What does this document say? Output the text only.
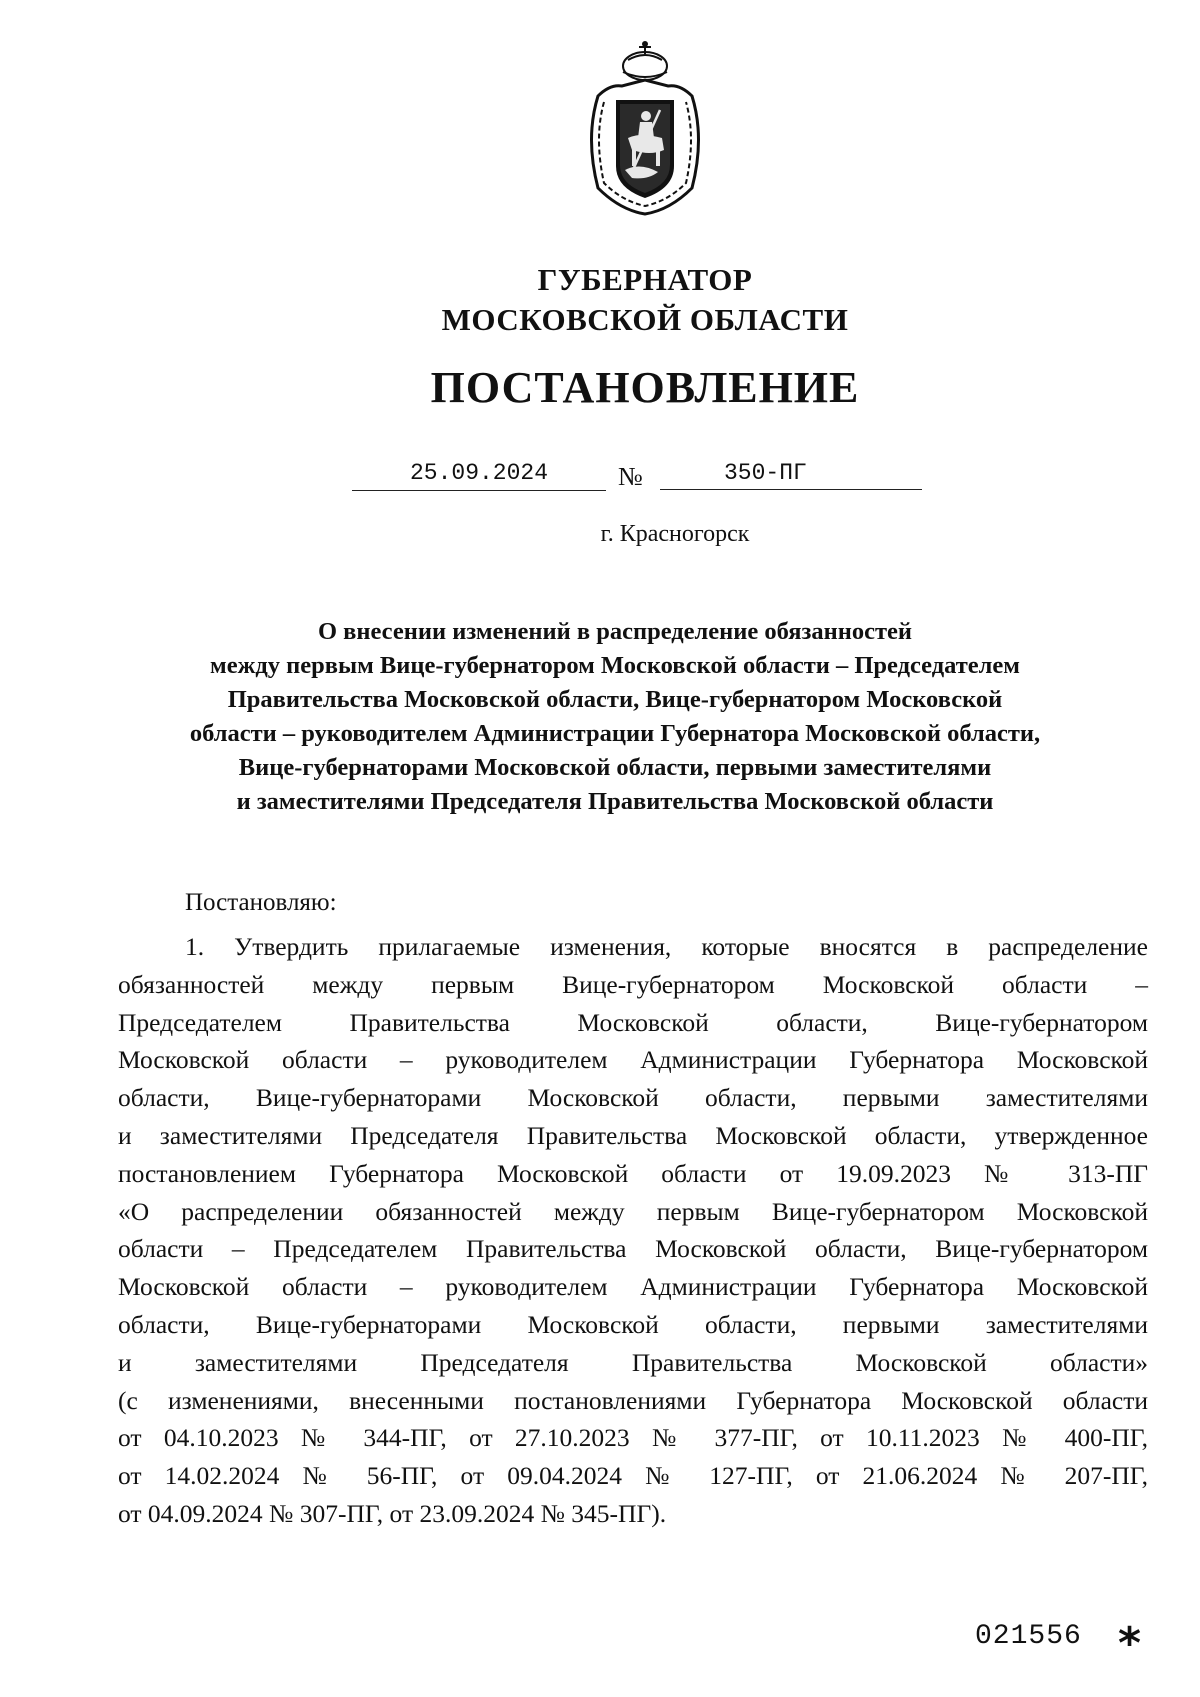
ГУБЕРНАТОР
МОСКОВСКОЙ ОБЛАСТИ
ПОСТАНОВЛЕНИЕ
25.09.2024	№	350-ПГ
г. Красногорск
О внесении изменений в распределение обязанностей
между первым Вице-губернатором Московской области – Председателем
Правительства Московской области, Вице-губернатором Московской
области – руководителем Администрации Губернатора Московской области,
Вице-губернаторами Московской области, первыми заместителями
и заместителями Председателя Правительства Московской области
Постановляю:
1. Утвердить прилагаемые изменения, которые вносятся в распределение
обязанностей между первым Вице-губернатором Московской области –
Председателем Правительства Московской области, Вице-губернатором
Московской области – руководителем Администрации Губернатора Московской
области, Вице-губернаторами Московской области, первыми заместителями
и заместителями Председателя Правительства Московской области, утвержденное
постановлением Губернатора Московской области от 19.09.2023 № 313-ПГ
«О распределении обязанностей между первым Вице-губернатором Московской
области – Председателем Правительства Московской области, Вице-губернатором
Московской области – руководителем Администрации Губернатора Московской
области, Вице-губернаторами Московской области, первыми заместителями
и заместителями Председателя Правительства Московской области»
(с изменениями, внесенными постановлениями Губернатора Московской области
от 04.10.2023 № 344-ПГ, от 27.10.2023 № 377-ПГ, от 10.11.2023 № 400-ПГ,
от 14.02.2024 № 56-ПГ, от 09.04.2024 № 127-ПГ, от 21.06.2024 № 207-ПГ,
от 04.09.2024 № 307-ПГ, от 23.09.2024 № 345-ПГ).
021556 *
